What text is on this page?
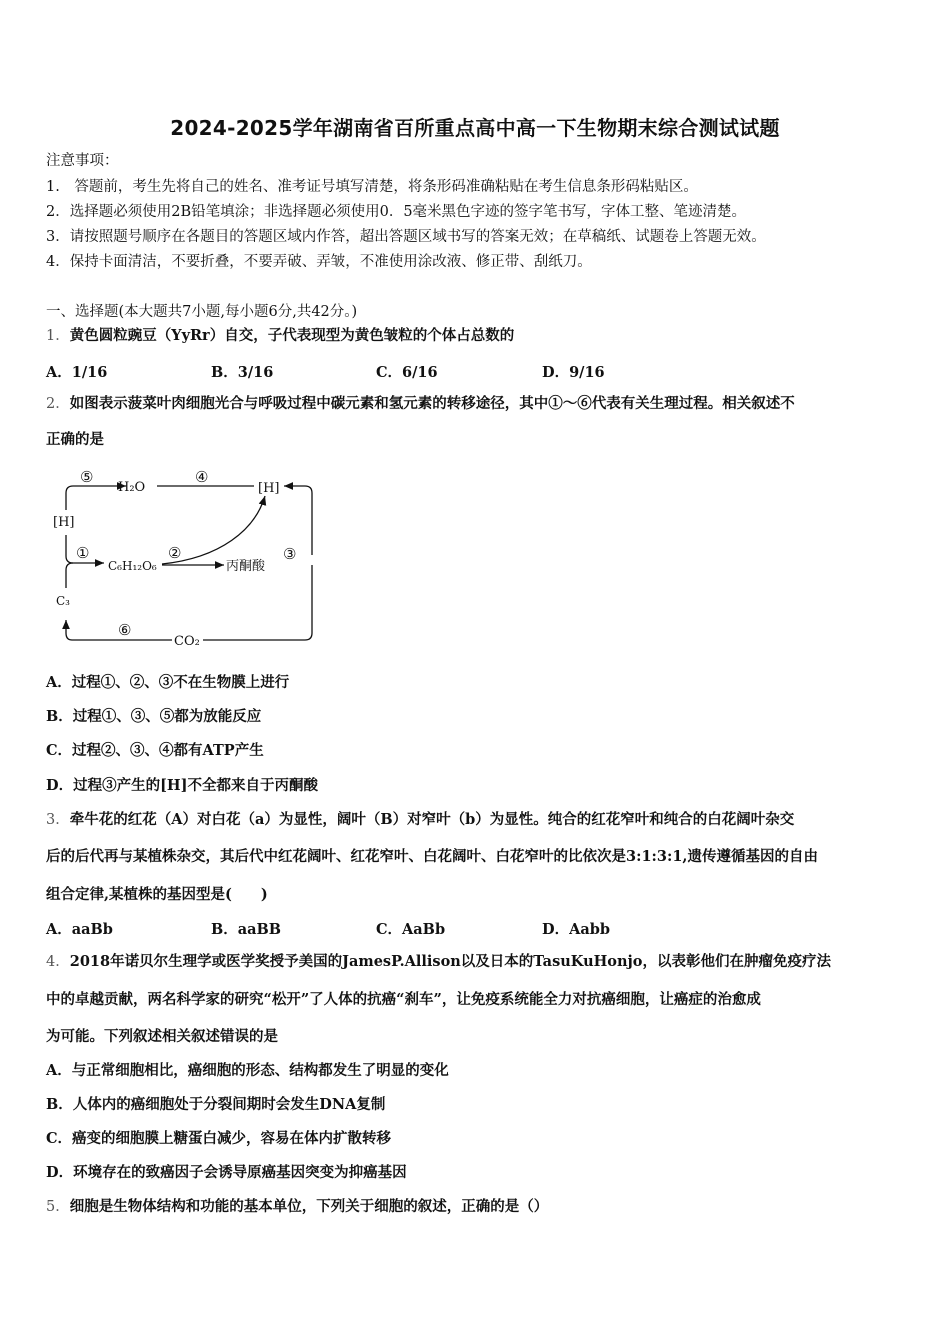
2024-2025学年湖南省百所重点高中高一下生物期末综合测试试题
注意事项：
1.　答题前，考生先将自己的姓名、准考证号填写清楚，将条形码准确粘贴在考生信息条形码粘贴区。
2．选择题必须使用2B铅笔填涂；非选择题必须使用0．5毫米黑色字迹的签字笔书写，字体工整、笔迹清楚。
3．请按照题号顺序在各题目的答题区域内作答，超出答题区域书写的答案无效；在草稿纸、试题卷上答题无效。
4．保持卡面清洁，不要折叠，不要弄破、弄皱，不准使用涂改液、修正带、刮纸刀。
一、选择题(本大题共7小题,每小题6分,共42分。)
1．黄色圆粒豌豆（YyRr）自交，子代表现型为黄色皱粒的个体占总数的
A．1/16	B．3/16	C．6/16	D．9/16
2．如图表示菠菜叶肉细胞光合与呼吸过程中碳元素和氢元素的转移途径，其中①～⑥代表有关生理过程。相关叙述不
正确的是
⑤
H₂O
④
[H]
[H]
①
C₆H₁₂O₆
②
丙酮酸
③
C₃
⑥
CO₂
A．过程①、②、③不在生物膜上进行
B．过程①、③、⑤都为放能反应
C．过程②、③、④都有ATP产生
D．过程③产生的[H]不全都来自于丙酮酸
3．牵牛花的红花（A）对白花（a）为显性，阔叶（B）对窄叶（b）为显性。纯合的红花窄叶和纯合的白花阔叶杂交
后的后代再与某植株杂交，其后代中红花阔叶、红花窄叶、白花阔叶、白花窄叶的比依次是3:1:3:1,遗传遵循基因的自由
组合定律,某植株的基因型是(　　)
A．aaBb	B．aaBB	C．AaBb	D．Aabb
4．2018年诺贝尔生理学或医学奖授予美国的JamesP.Allison以及日本的TasuKuHonjo，以表彰他们在肿瘤免疫疗法
中的卓越贡献，两名科学家的研究“松开”了人体的抗癌“刹车”，让免疫系统能全力对抗癌细胞，让癌症的治愈成
为可能。下列叙述相关叙述错误的是
A．与正常细胞相比，癌细胞的形态、结构都发生了明显的变化
B．人体内的癌细胞处于分裂间期时会发生DNA复制
C．癌变的细胞膜上糖蛋白减少，容易在体内扩散转移
D．环境存在的致癌因子会诱导原癌基因突变为抑癌基因
5．细胞是生物体结构和功能的基本单位，下列关于细胞的叙述，正确的是（）
